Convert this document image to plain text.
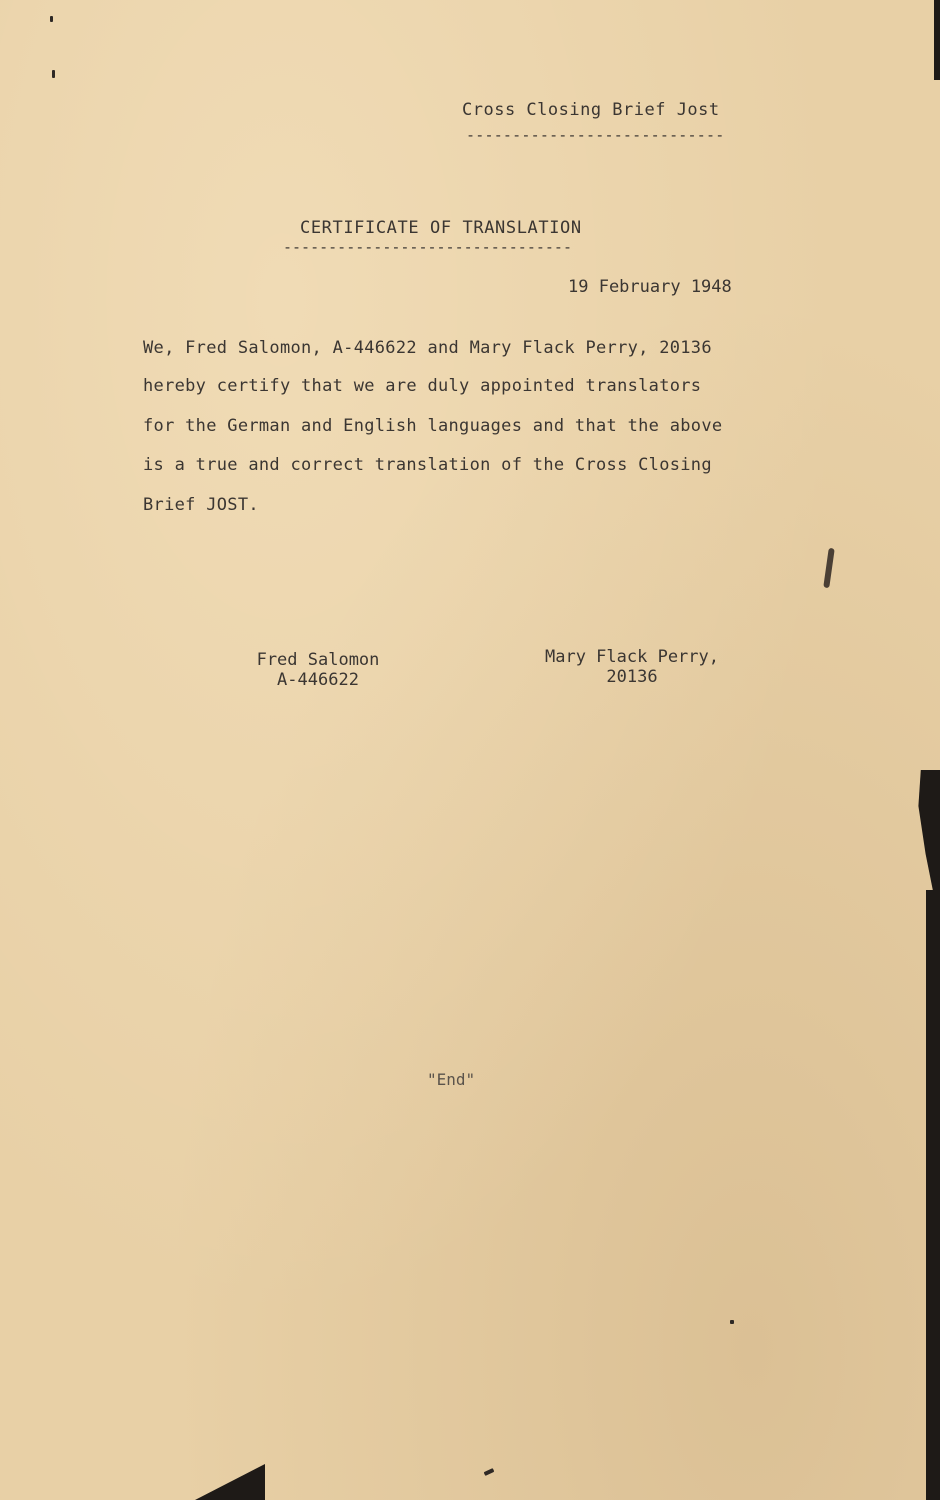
Cross Closing Brief Jost
----------------------------
CERTIFICATE OF TRANSLATION
--------------------------------
19 February 1948
We, Fred Salomon, A-446622 and Mary Flack Perry, 20136
hereby certify that we are duly appointed translators
for the German and English languages and that the above
is a true and correct translation of the Cross Closing
Brief JOST.
Fred Salomon
A-446622
Mary Flack Perry,
20136
"End"
